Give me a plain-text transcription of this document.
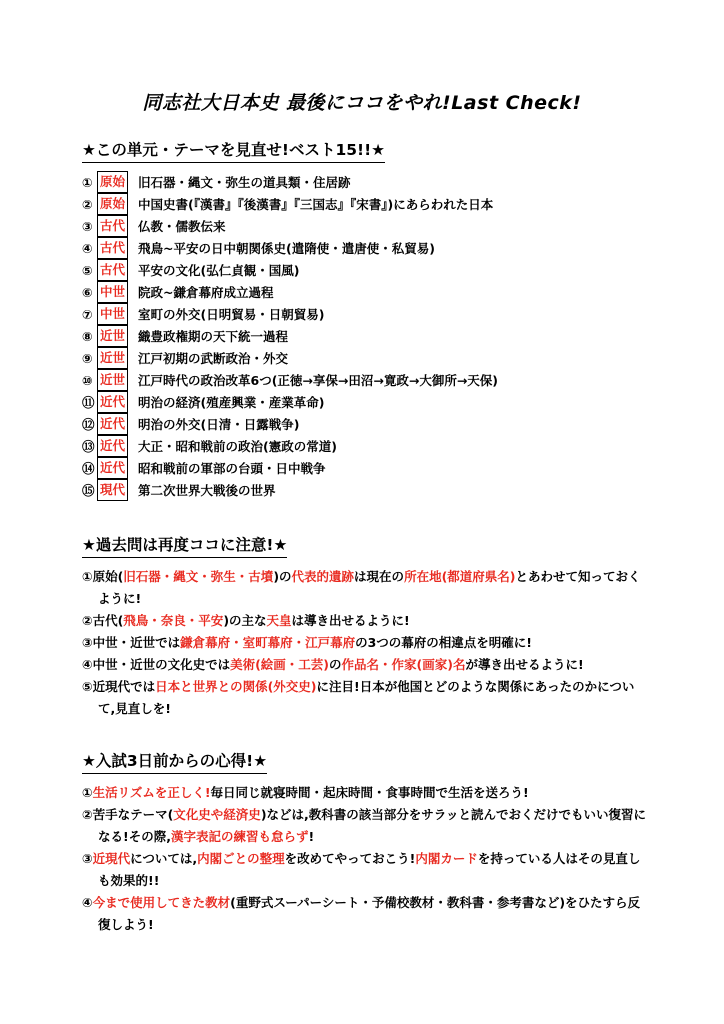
同志社大日本史 最後にココをやれ!Last Check!
★この単元・テーマを見直せ!ベスト15!!★
① 原始 旧石器・縄文・弥生の道具類・住居跡
② 原始 中国史書(『漢書』『後漢書』『三国志』『宋書』)にあらわれた日本
③ 古代 仏教・儒教伝来
④ 古代 飛鳥~平安の日中朝関係史(遣隋使・遣唐使・私貿易)
⑤ 古代 平安の文化(弘仁貞観・国風)
⑥ 中世 院政~鎌倉幕府成立過程
⑦ 中世 室町の外交(日明貿易・日朝貿易)
⑧ 近世 織豊政権期の天下統一過程
⑨ 近世 江戸初期の武断政治・外交
⑩ 近世 江戸時代の政治改革6つ(正徳→享保→田沼→寛政→大御所→天保)
⑪ 近代 明治の経済(殖産興業・産業革命)
⑫ 近代 明治の外交(日清・日露戦争)
⑬ 近代 大正・昭和戦前の政治(憲政の常道)
⑭ 近代 昭和戦前の軍部の台頭・日中戦争
⑮ 現代 第二次世界大戦後の世界
★過去問は再度ココに注意!★
①原始(旧石器・縄文・弥生・古墳)の代表的遺跡は現在の所在地(都道府県名)とあわせて知っておくように!
②古代(飛鳥・奈良・平安)の主な天皇は導き出せるように!
③中世・近世では鎌倉幕府・室町幕府・江戸幕府の3つの幕府の相違点を明確に!
④中世・近世の文化史では美術(絵画・工芸)の作品名・作家(画家)名が導き出せるように!
⑤近現代では日本と世界との関係(外交史)に注目!日本が他国とどのような関係にあったのかについて,見直しを!
★入試3日前からの心得!★
①生活リズムを正しく!毎日同じ就寝時間・起床時間・食事時間で生活を送ろう!
②苦手なテーマ(文化史や経済史)などは,教科書の該当部分をサラッと読んでおくだけでもいい復習になる!その際,漢字表記の練習も怠らず!
③近現代については,内閣ごとの整理を改めてやっておこう!内閣カードを持っている人はその見直しも効果的!!
④今まで使用してきた教材(重野式スーパーシート・予備校教材・教科書・参考書など)をひたすら反復しよう!
